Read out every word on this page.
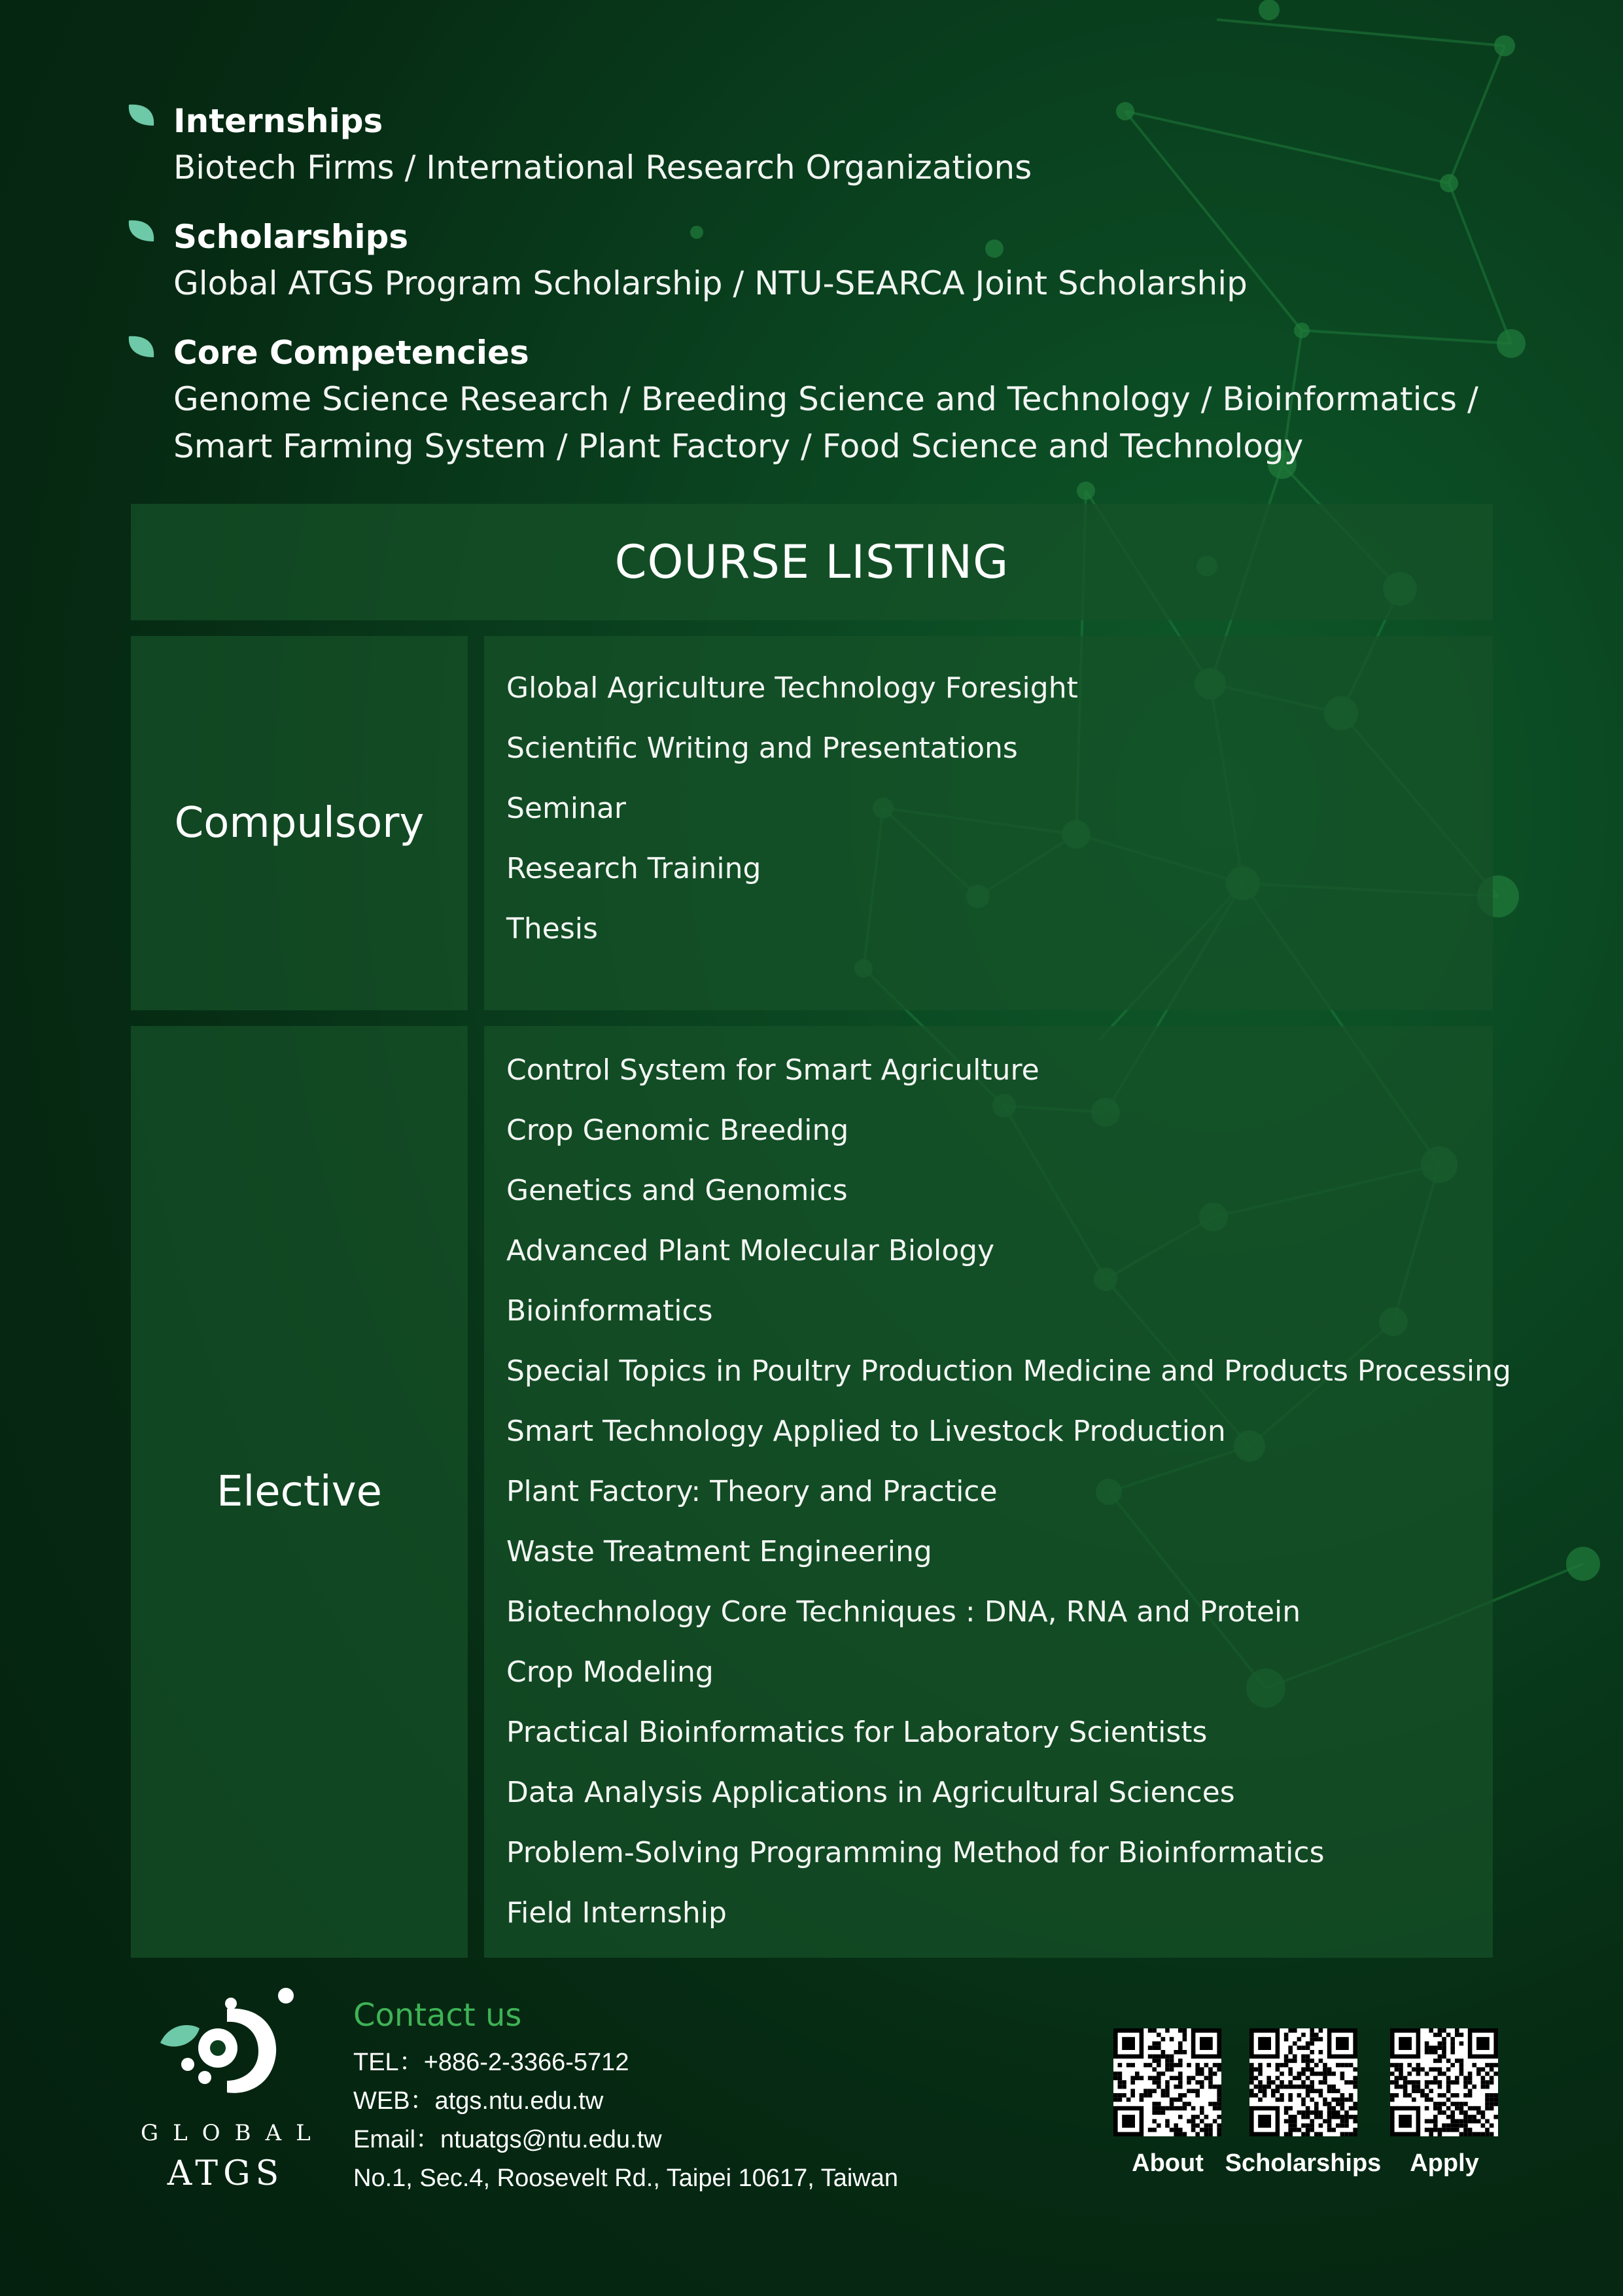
Internships
Biotech Firms / International Research Organizations
Scholarships
Global ATGS Program Scholarship / NTU-SEARCA Joint Scholarship
Core Competencies
Genome Science Research / Breeding Science and Technology / Bioinformatics /
Smart Farming System / Plant Factory / Food Science and Technology
COURSE LISTING
Compulsory
Global Agriculture Technology Foresight
Scientific Writing and Presentations
Seminar
Research Training
Thesis
Elective
Control System for Smart Agriculture
Crop Genomic Breeding
Genetics and Genomics
Advanced Plant Molecular Biology
Bioinformatics
Special Topics in Poultry Production Medicine and Products Processing
Smart Technology Applied to Livestock Production
Plant Factory: Theory and Practice
Waste Treatment Engineering
Biotechnology Core Techniques : DNA, RNA and Protein
Crop Modeling
Practical Bioinformatics for Laboratory Scientists
Data Analysis Applications in Agricultural Sciences
Problem-Solving Programming Method for Bioinformatics
Field Internship
GLOBAL
ATGS
Contact us
TEL：+886-2-3366-5712
WEB：atgs.ntu.edu.tw
Email：ntuatgs@ntu.edu.tw
No.1, Sec.4, Roosevelt Rd., Taipei 10617, Taiwan
About Scholarships	Apply
